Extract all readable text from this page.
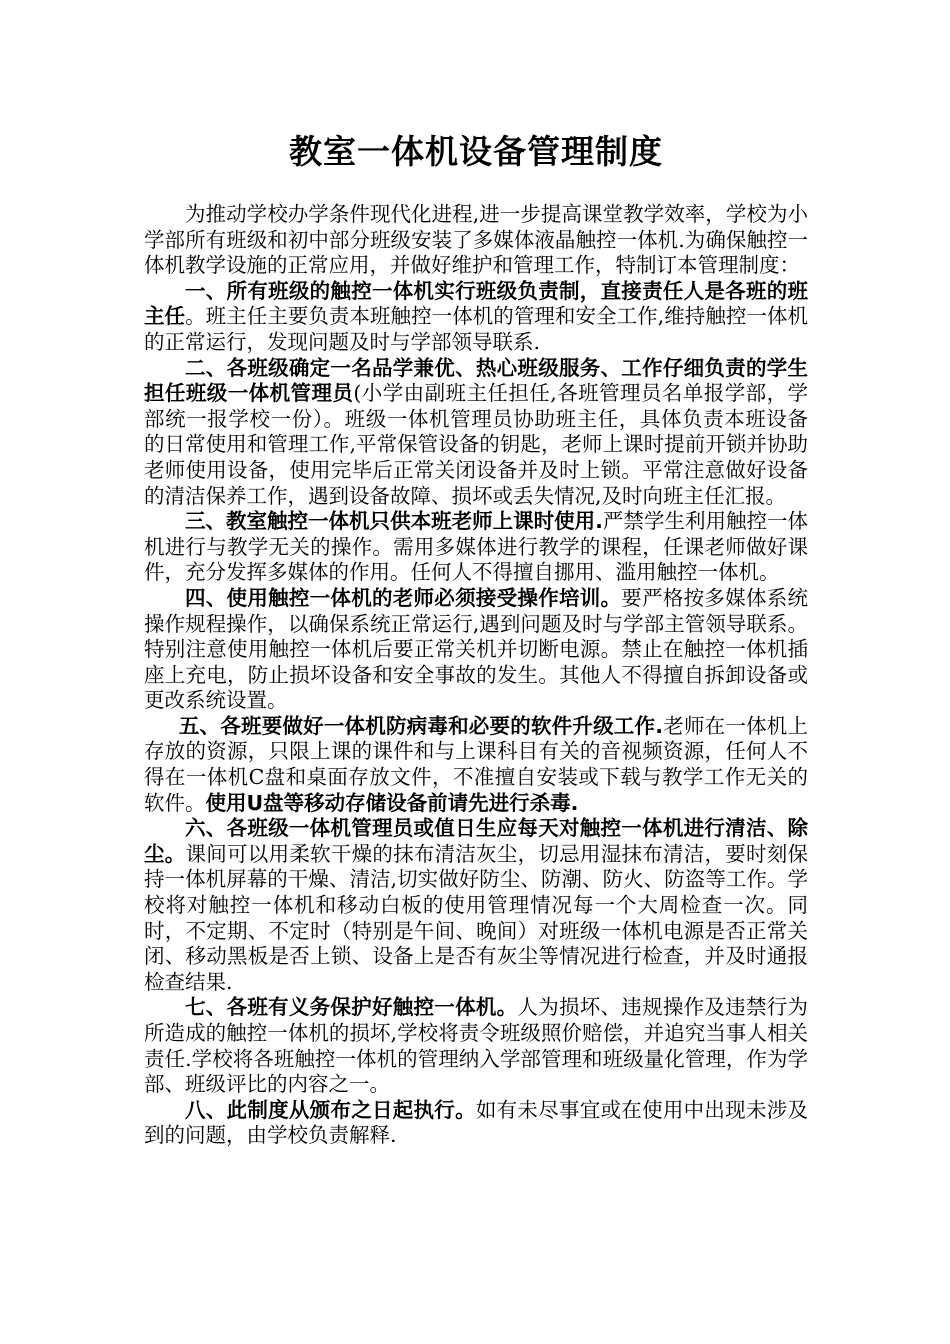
教室一体机设备管理制度

为推动学校办学条件现代化进程,进一步提高课堂教学效率，学校为小学部所有班级和初中部分班级安装了多媒体液晶触控一体机.为确保触控一体机教学设施的正常应用，并做好维护和管理工作，特制订本管理制度：

一、所有班级的触控一体机实行班级负责制，直接责任人是各班的班主任。班主任主要负责本班触控一体机的管理和安全工作,维持触控一体机的正常运行，发现问题及时与学部领导联系.

二、各班级确定一名品学兼优、热心班级服务、工作仔细负责的学生担任班级一体机管理员(小学由副班主任担任,各班管理员名单报学部，学部统一报学校一份）。班级一体机管理员协助班主任，具体负责本班设备的日常使用和管理工作,平常保管设备的钥匙，老师上课时提前开锁并协助老师使用设备，使用完毕后正常关闭设备并及时上锁。平常注意做好设备的清洁保养工作，遇到设备故障、损坏或丢失情况,及时向班主任汇报。

三、教室触控一体机只供本班老师上课时使用.严禁学生利用触控一体机进行与教学无关的操作。需用多媒体进行教学的课程，任课老师做好课件，充分发挥多媒体的作用。任何人不得擅自挪用、滥用触控一体机。

四、使用触控一体机的老师必须接受操作培训。要严格按多媒体系统操作规程操作，以确保系统正常运行,遇到问题及时与学部主管领导联系。特别注意使用触控一体机后要正常关机并切断电源。禁止在触控一体机插座上充电，防止损坏设备和安全事故的发生。其他人不得擅自拆卸设备或更改系统设置。

五、各班要做好一体机防病毒和必要的软件升级工作.老师在一体机上存放的资源，只限上课的课件和与上课科目有关的音视频资源，任何人不得在一体机C盘和桌面存放文件，不准擅自安装或下载与教学工作无关的软件。使用U盘等移动存储设备前请先进行杀毒.

六、各班级一体机管理员或值日生应每天对触控一体机进行清洁、除尘。课间可以用柔软干燥的抹布清洁灰尘，切忌用湿抹布清洁，要时刻保持一体机屏幕的干燥、清洁,切实做好防尘、防潮、防火、防盗等工作。学校将对触控一体机和移动白板的使用管理情况每一个大周检查一次。同时，不定期、不定时（特别是午间、晚间）对班级一体机电源是否正常关闭、移动黑板是否上锁、设备上是否有灰尘等情况进行检查，并及时通报检查结果.

七、各班有义务保护好触控一体机。人为损坏、违规操作及违禁行为所造成的触控一体机的损坏,学校将责令班级照价赔偿，并追究当事人相关责任.学校将各班触控一体机的管理纳入学部管理和班级量化管理，作为学部、班级评比的内容之一。

八、此制度从颁布之日起执行。如有未尽事宜或在使用中出现未涉及到的问题，由学校负责解释.
